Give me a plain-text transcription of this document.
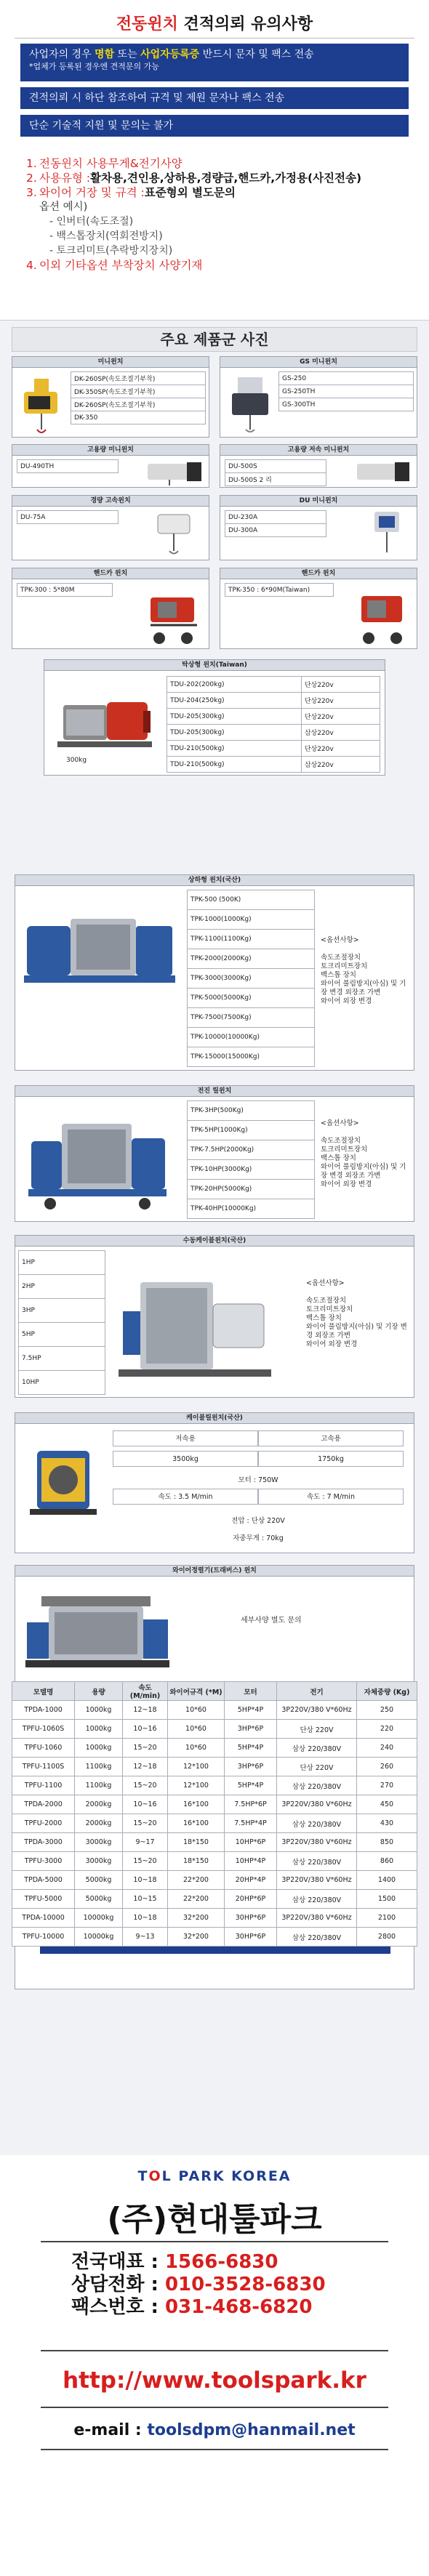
전동윈치 견적의뢰 유의사항
사업자의 경우 명함 또는 사업자등록증 반드시 문자 및 팩스 전송
*업체가 등록된 경우엔 견적문의 가능
견적의뢰 시 하단 참조하여 규격 및 제원 문자나 팩스 전송
단순 기술적 지원 및 문의는 불가
1. 전동윈치 사용무게&전기사양
2. 사용유형 : 활차용,견인용,상하용,경량급,핸드카,가정용(사진전송)
3. 와이어 거장 및 규격 : 표준형외 별도문의
옵션 예시)
- 인버터(속도조절)
- 백스톱장치(역회전방지)
- 토크리미트(추락방지장치)
4. 이외 기타옵션 부착장치 사양기재
주요 제품군 사진
미니윈치
DK-260SP(속도조절기부착)
DK-350SP(속도조절기부착)
DK-260SP(속도조절기부착)
DK-350
GS 미니윈치
GS-250
GS-250TH
GS-300TH
고용량 미니윈치
DU-490TH
고용량 저속 미니윈치
DU-500S
DU-500S 2 리
경량 고속윈치
DU-75A
DU 미니윈치
DU-230A
DU-300A
핸드카 윈치
TPK-300 : 5*80M
핸드카 윈치
TPK-350 : 6*90M(Taiwan)
탁상형 윈치(Taiwan)
300kg
TDU-202(200kg)	단상220v
TDU-204(250kg)	단상220v
TDU-205(300kg)	단상220v
TDU-205(300kg)	삼상220v
TDU-210(500kg)	단상220v
TDU-210(500kg)	삼상220v
상하형 윈치(국산)
TPK-500 (500K)
TPK-1000(1000Kg)
TPK-1100(1100Kg)
TPK-2000(2000Kg)
TPK-3000(3000Kg)
TPK-5000(5000Kg)
TPK-7500(7500Kg)
TPK-10000(10000Kg)
TPK-15000(15000Kg)
<옵션사항>

속도조절장치
토크리미트장치
백스톱 장치
와이어 풀림방지(아심) 및 기장 변경 외장조 가변
와이어 외장 변경
전진 릴윈치
TPK-3HP(500Kg)
TPK-5HP(1000Kg)
TPK-7.5HP(2000Kg)
TPK-10HP(3000Kg)
TPK-20HP(5000Kg)
TPK-40HP(10000Kg)
<옵션사항>

속도조절장치
토크리미트장치
백스톱 장치
와이어 풀림방지(아심) 및 기장 변경 외장조 가변
와이어 외장 변경
수동케이블윈치(국산)
1HP
2HP
3HP
5HP
7.5HP
10HP
<옵션사항>

속도조절장치
토크리미트장치
백스톱 장치
와이어 풀림방지(아심) 및 기장 변경 외장조 가변
와이어 외장 변경
케이블릴윈치(국산)
저속용	고속용
3500kg	1750kg
모터 : 750W
속도 : 3.5 M/min	속도 : 7 M/min
전압 : 단상 220V
자중무게 : 70kg
와이어정렬기(트래버스) 윈치
세부사양 별도 문의
모델명	용량	속도 (M/min)	와이어규격 (*M)	모터	전기	자체중량 (Kg)
TPDA-1000	1000kg	12~18	10*60	5HP*4P	3P220V/380 V*60Hz	250
TPFU-1060S	1000kg	10~16	10*60	3HP*6P	단상 220V	220
TPFU-1060	1000kg	15~20	10*60	5HP*4P	삼상 220/380V	240
TPFU-1100S	1100kg	12~18	12*100	3HP*6P	단상 220V	260
TPFU-1100	1100kg	15~20	12*100	5HP*4P	삼상 220/380V	270
TPDA-2000	2000kg	10~16	16*100	7.5HP*6P	3P220V/380 V*60Hz	450
TPFU-2000	2000kg	15~20	16*100	7.5HP*4P	삼상 220/380V	430
TPDA-3000	3000kg	9~17	18*150	10HP*6P	3P220V/380 V*60Hz	850
TPFU-3000	3000kg	15~20	18*150	10HP*4P	삼상 220/380V	860
TPDA-5000	5000kg	10~18	22*200	20HP*4P	3P220V/380 V*60Hz	1400
TPFU-5000	5000kg	10~15	22*200	20HP*6P	삼상 220/380V	1500
TPDA-10000	10000kg	10~18	32*200	30HP*6P	3P220V/380 V*60Hz	2100
TPFU-10000	10000kg	9~13	32*200	30HP*6P	삼상 220/380V	2800
TOL PARK KOREA
(주)현대툴파크
전국대표 : 1566-6830
상담전화 : 010-3528-6830
팩스번호 : 031-468-6820
http://www.toolspark.kr
e-mail : toolsdpm@hanmail.net
